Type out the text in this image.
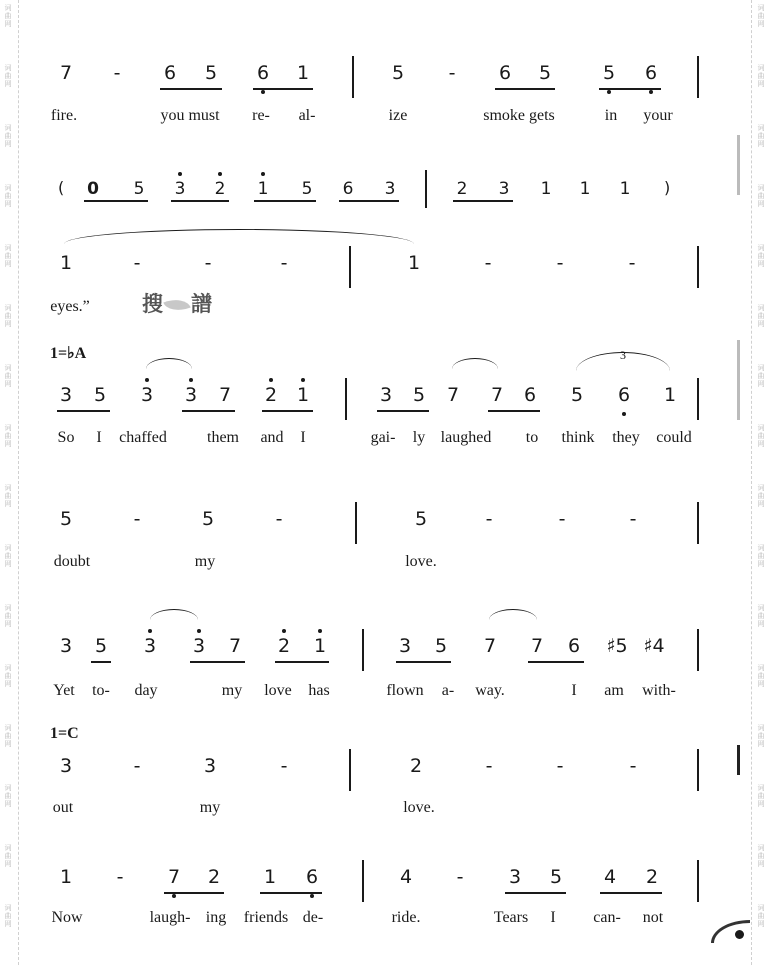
词
曲
网
词
曲
网
词
曲
网
词
曲
网
词
曲
网
词
曲
网
词
曲
网
词
曲
网
词
曲
网
词
曲
网
词
曲
网
词
曲
网
词
曲
网
词
曲
网
词
曲
网
词
曲
网
词
曲
网
词
曲
网
词
曲
网
词
曲
网
词
曲
网
词
曲
网
词
曲
网
词
曲
网
词
曲
网
词
曲
网
词
曲
网
词
曲
网
词
曲
网
词
曲
网
词
曲
网
词
曲
网
搜 譜
7 - 6 5 6 1	5 - 6 5	5 6
fire.	you must re- al-	ize	smoke gets	in your
( 0 5 3 2 1 5 6 3	2 3 1 1 1 )
1	-	-	-	1	-	-	-
eyes.”
1=♭A	3
3 5 3 3 7 2 1	3 5 7 7 6 5 6 1
So I chaffed	them and I	gai- ly laughed to think they could
5	-	5	-	5	-	-	-
doubt	my	love.
3 5 3 3 7 2 1	3 5 7 7 6 ♯5 ♯4
Yet to- day	my love has	flown a- way.	I am with-
1=C
3	-	3	-	2	-	-	-
out	my	love.
1 - 7 2 1 6	4 - 3 5 4 2
Now	laugh- ing friends de-	ride.	Tears I can- not
